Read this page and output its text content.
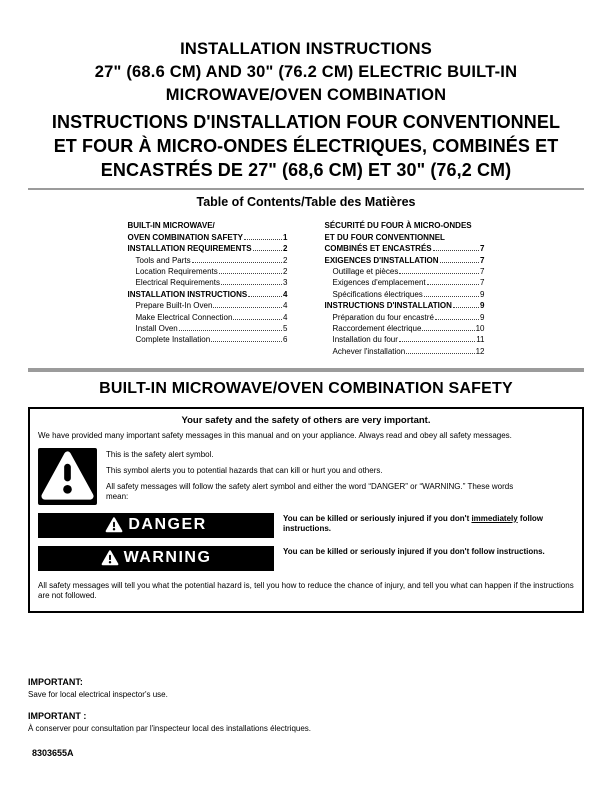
INSTALLATION INSTRUCTIONS
27" (68.6 CM) AND 30" (76.2 CM) ELECTRIC BUILT-IN
MICROWAVE/OVEN COMBINATION
INSTRUCTIONS D'INSTALLATION FOUR CONVENTIONNEL
ET FOUR À MICRO-ONDES ÉLECTRIQUES, COMBINÉS ET
ENCASTRÉS DE 27" (68,6 CM) ET 30" (76,2 CM)
Table of Contents/Table des Matières
BUILT-IN MICROWAVE/
OVEN COMBINATION SAFETY	1
INSTALLATION REQUIREMENTS	2
Tools and Parts	2
Location Requirements	2
Electrical Requirements	3
INSTALLATION INSTRUCTIONS	4
Prepare Built-In Oven	4
Make Electrical Connection	4
Install Oven	5
Complete Installation	6
SÉCURITÉ DU FOUR À MICRO-ONDES
ET DU FOUR CONVENTIONNEL
COMBINÉS ET ENCASTRÉS	7
EXIGENCES D'INSTALLATION	7
Outillage et pièces	7
Exigences d'emplacement	7
Spécifications électriques	9
INSTRUCTIONS D'INSTALLATION	9
Préparation du four encastré	9
Raccordement électrique	10
Installation du four	11
Achever l'installation	12
BUILT-IN MICROWAVE/OVEN COMBINATION SAFETY
Your safety and the safety of others are very important.
We have provided many important safety messages in this manual and on your appliance. Always read and obey all safety messages.

This is the safety alert symbol.

This symbol alerts you to potential hazards that can kill or hurt you and others.

All safety messages will follow the safety alert symbol and either the word “DANGER” or “WARNING.” These words mean:

DANGER	You can be killed or seriously injured if you don't immediately follow instructions.
WARNING	You can be killed or seriously injured if you don't follow instructions.
All safety messages will tell you what the potential hazard is, tell you how to reduce the chance of injury, and tell you what can happen if the instructions are not followed.
IMPORTANT:
Save for local electrical inspector's use.
IMPORTANT :
À conserver pour consultation par l'inspecteur local des installations électriques.
8303655A
